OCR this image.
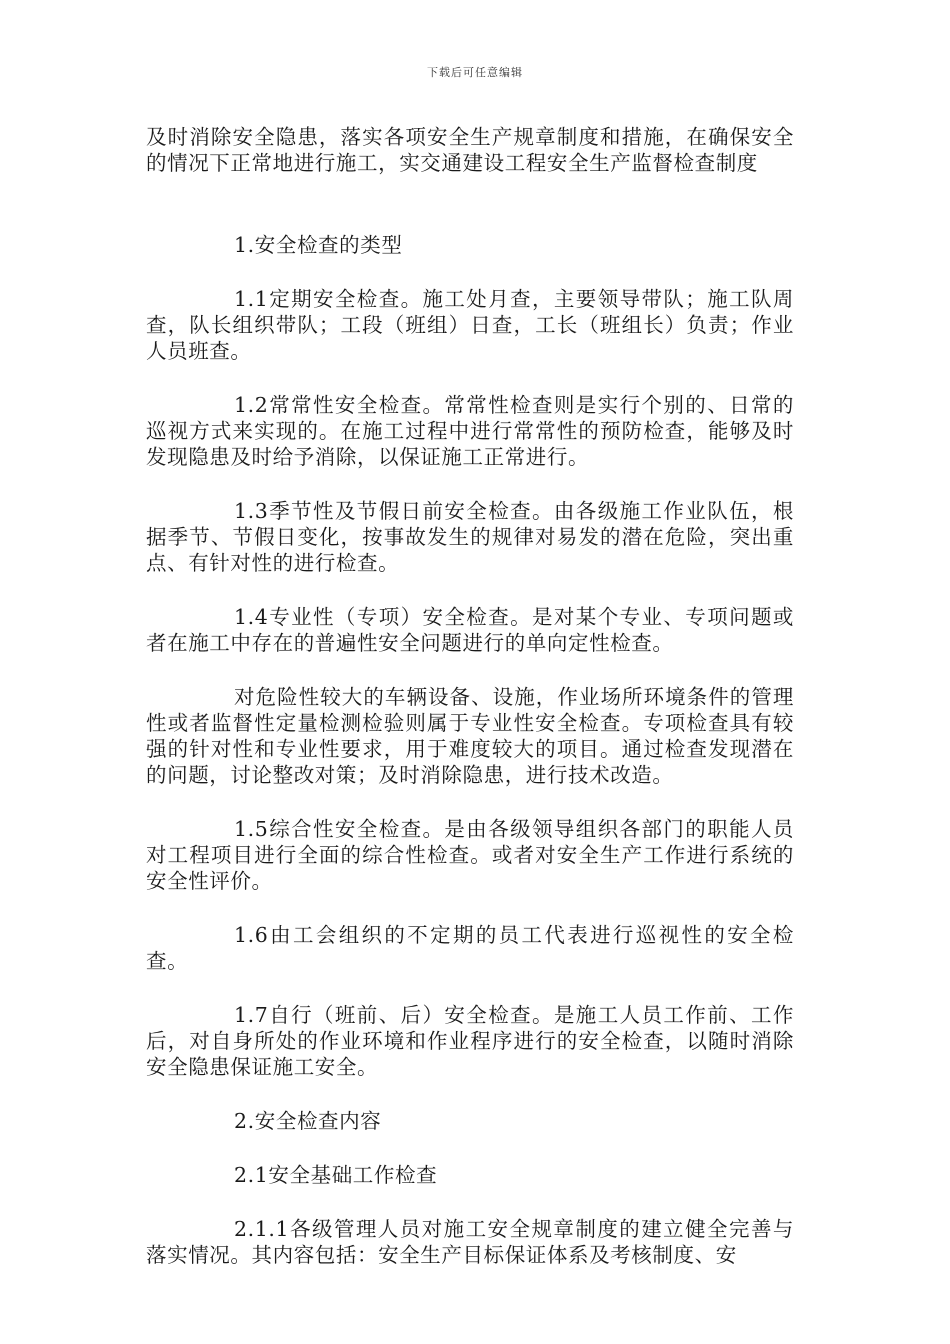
下载后可任意编辑

及时消除安全隐患，落实各项安全生产规章制度和措施，在确保安全的情况下正常地进行施工，实交通建设工程安全生产监督检查制度

1.安全检查的类型

1.1定期安全检查。施工处月查，主要领导带队；施工队周查，队长组织带队；工段（班组）日查，工长（班组长）负责；作业人员班查。

1.2常常性安全检查。常常性检查则是实行个别的、日常的巡视方式来实现的。在施工过程中进行常常性的预防检查，能够及时发现隐患及时给予消除，以保证施工正常进行。

1.3季节性及节假日前安全检查。由各级施工作业队伍，根据季节、节假日变化，按事故发生的规律对易发的潜在危险，突出重点、有针对性的进行检查。

1.4专业性（专项）安全检查。是对某个专业、专项问题或者在施工中存在的普遍性安全问题进行的单向定性检查。

对危险性较大的车辆设备、设施，作业场所环境条件的管理性或者监督性定量检测检验则属于专业性安全检查。专项检查具有较强的针对性和专业性要求，用于难度较大的项目。通过检查发现潜在的问题，讨论整改对策；及时消除隐患，进行技术改造。

1.5综合性安全检查。是由各级领导组织各部门的职能人员对工程项目进行全面的综合性检查。或者对安全生产工作进行系统的安全性评价。

1.6由工会组织的不定期的员工代表进行巡视性的安全检查。

1.7自行（班前、后）安全检查。是施工人员工作前、工作后，对自身所处的作业环境和作业程序进行的安全检查，以随时消除安全隐患保证施工安全。

2.安全检查内容

2.1安全基础工作检查

2.1.1各级管理人员对施工安全规章制度的建立健全完善与落实情况。其内容包括：安全生产目标保证体系及考核制度、安
